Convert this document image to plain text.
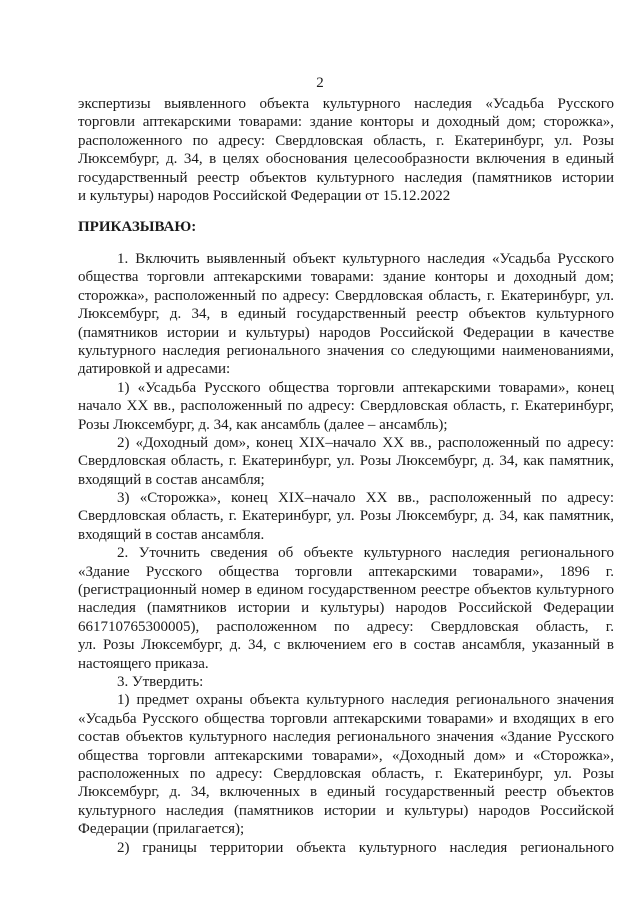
2
экспертизы выявленного объекта культурного наследия «Усадьба Русского
торговли аптекарскими товарами: здание конторы и доходный дом; сторожка»,
расположенного по адресу: Свердловская область, г. Екатеринбург, ул. Розы
Люксембург, д. 34, в целях обоснования целесообразности включения в единый
государственный реестр объектов культурного наследия (памятников истории
и культуры) народов Российской Федерации от 15.12.2022
ПРИКАЗЫВАЮ:
1. Включить выявленный объект культурного наследия «Усадьба Русского
общества торговли аптекарскими товарами: здание конторы и доходный дом;
сторожка», расположенный по адресу: Свердловская область, г. Екатеринбург, ул.
Люксембург, д. 34, в единый государственный реестр объектов культурного
(памятников истории и культуры) народов Российской Федерации в качестве
культурного наследия регионального значения со следующими наименованиями,
датировкой и адресами:
1) «Усадьба Русского общества торговли аптекарскими товарами», конец
начало XX вв., расположенный по адресу: Свердловская область, г. Екатеринбург,
Розы Люксембург, д. 34, как ансамбль (далее – ансамбль);
2) «Доходный дом», конец XIX–начало XX вв., расположенный по адресу:
Свердловская область, г. Екатеринбург, ул. Розы Люксембург, д. 34, как памятник,
входящий в состав ансамбля;
3) «Сторожка», конец XIX–начало XX вв., расположенный по адресу:
Свердловская область, г. Екатеринбург, ул. Розы Люксембург, д. 34, как памятник,
входящий в состав ансамбля.
2. Уточнить сведения об объекте культурного наследия регионального
«Здание Русского общества торговли аптекарскими товарами», 1896 г.
(регистрационный номер в едином государственном реестре объектов культурного
наследия (памятников истории и культуры) народов Российской Федерации
661710765300005), расположенном по адресу: Свердловская область, г.
ул. Розы Люксембург, д. 34, с включением его в состав ансамбля, указанный в
настоящего приказа.
3. Утвердить:
1) предмет охраны объекта культурного наследия регионального значения
«Усадьба Русского общества торговли аптекарскими товарами» и входящих в его
состав объектов культурного наследия регионального значения «Здание Русского
общества торговли аптекарскими товарами», «Доходный дом» и «Сторожка»,
расположенных по адресу: Свердловская область, г. Екатеринбург, ул. Розы
Люксембург, д. 34, включенных в единый государственный реестр объектов
культурного наследия (памятников истории и культуры) народов Российской
Федерации (прилагается);
2) границы территории объекта культурного наследия регионального
